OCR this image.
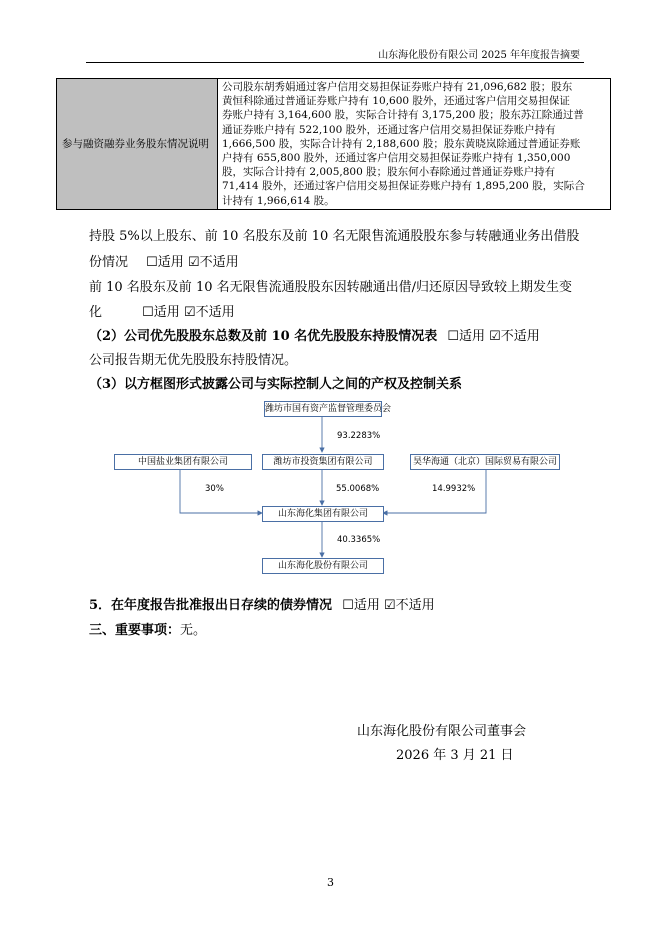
山东海化股份有限公司 2025 年年度报告摘要
参与融资融券业务股东情况说明	
公司股东胡秀娟通过客户信用交易担保证券账户持有 21,096,682 股；股东
黄恒科除通过普通证券账户持有 10,600 股外，还通过客户信用交易担保证
券账户持有 3,164,600 股，实际合计持有 3,175,200 股；股东苏江除通过普
通证券账户持有 522,100 股外，还通过客户信用交易担保证券账户持有
1,666,500 股，实际合计持有 2,188,600 股；股东黄晓岚除通过普通证券账
户持有 655,800 股外，还通过客户信用交易担保证券账户持有 1,350,000
股，实际合计持有 2,005,800 股；股东何小春除通过普通证券账户持有
71,414 股外，还通过客户信用交易担保证券账户持有 1,895,200 股，实际合
计持有 1,966,614 股。
持股 5%以上股东、前 10 名股东及前 10 名无限售流通股股东参与转融通业务出借股
份情况 ☐适用 ☑不适用
前 10 名股东及前 10 名无限售流通股股东因转融通出借/归还原因导致较上期发生变
化	☐适用 ☑不适用
（2）公司优先股股东总数及前 10 名优先股股东持股情况表 ☐适用 ☑不适用
公司报告期无优先股股东持股情况。
（3）以方框图形式披露公司与实际控制人之间的产权及控制关系
潍坊市国有资产监督管理委员会
93.2283%
中国盐业集团有限公司	潍坊市投资集团有限公司	昊华海通（北京）国际贸易有限公司
30%	55.0068%	14.9932%
山东海化集团有限公司
40.3365%
山东海化股份有限公司
5．在年度报告批准报出日存续的债券情况 ☐适用 ☑不适用
三、重要事项：无。
山东海化股份有限公司董事会
2026 年 3 月 21 日
3
